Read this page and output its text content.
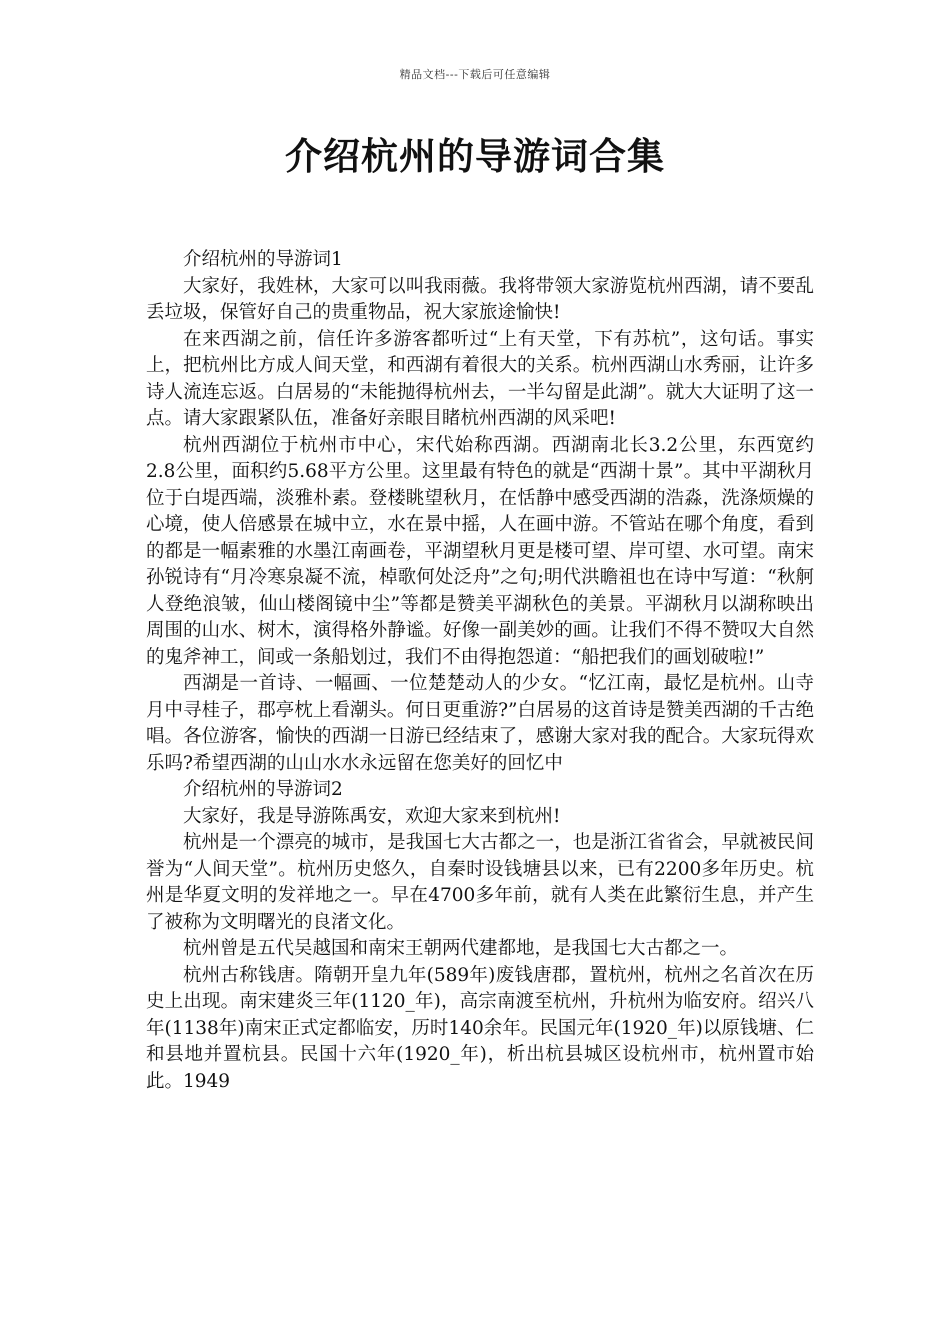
精品文档---下载后可任意编辑
介绍杭州的导游词合集

介绍杭州的导游词1

大家好，我姓林，大家可以叫我雨薇。我将带领大家游览杭州西湖，请不要乱丢垃圾，保管好自己的贵重物品，祝大家旅途愉快!

在来西湖之前，信任许多游客都听过“上有天堂，下有苏杭”，这句话。事实上，把杭州比方成人间天堂，和西湖有着很大的关系。杭州西湖山水秀丽，让许多诗人流连忘返。白居易的“未能抛得杭州去，一半勾留是此湖”。就大大证明了这一点。请大家跟紧队伍，准备好亲眼目睹杭州西湖的风采吧!

杭州西湖位于杭州市中心，宋代始称西湖。西湖南北长3.2公里，东西宽约2.8公里，面积约5.68平方公里。这里最有特色的就是“西湖十景”。其中平湖秋月位于白堤西端，淡雅朴素。登楼眺望秋月，在恬静中感受西湖的浩淼，洗涤烦燥的心境，使人倍感景在城中立，水在景中摇，人在画中游。不管站在哪个角度，看到的都是一幅素雅的水墨江南画卷，平湖望秋月更是楼可望、岸可望、水可望。南宋孙锐诗有“月冷寒泉凝不流，棹歌何处泛舟”之句;明代洪瞻祖也在诗中写道：“秋舸人登绝浪皱，仙山楼阁镜中尘”等都是赞美平湖秋色的美景。平湖秋月以湖称映出周围的山水、树木，演得格外静谧。好像一副美妙的画。让我们不得不赞叹大自然的鬼斧神工，间或一条船划过，我们不由得抱怨道：“船把我们的画划破啦!”

西湖是一首诗、一幅画、一位楚楚动人的少女。“忆江南，最忆是杭州。山寺月中寻桂子，郡亭枕上看潮头。何日更重游?”白居易的这首诗是赞美西湖的千古绝唱。各位游客，愉快的西湖一日游已经结束了，感谢大家对我的配合。大家玩得欢乐吗?希望西湖的山山水水永远留在您美好的回忆中

介绍杭州的导游词2

大家好，我是导游陈禹安，欢迎大家来到杭州!

杭州是一个漂亮的城市，是我国七大古都之一，也是浙江省省会，早就被民间誉为“人间天堂”。杭州历史悠久，自秦时设钱塘县以来，已有2200多年历史。杭州是华夏文明的发祥地之一。早在4700多年前，就有人类在此繁衍生息，并产生了被称为文明曙光的良渚文化。

杭州曾是五代吴越国和南宋王朝两代建都地，是我国七大古都之一。

杭州古称钱唐。隋朝开皇九年(589年)废钱唐郡，置杭州，杭州之名首次在历史上出现。南宋建炎三年(1120_年)，高宗南渡至杭州，升杭州为临安府。绍兴八年(1138年)南宋正式定都临安，历时140余年。民国元年(1920_年)以原钱塘、仁和县地并置杭县。民国十六年(1920_年)，析出杭县城区设杭州市，杭州置市始此。1949
